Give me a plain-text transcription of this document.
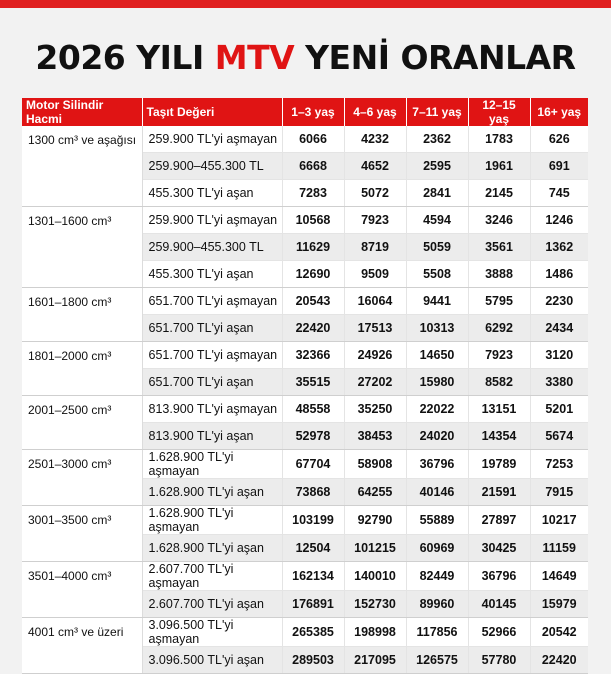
2026 YILI MTV YENİ ORANLAR
Motor Silindir Hacmi	Taşıt Değeri	1–3 yaş	4–6 yaş	7–11 yaş	12–15 yaş	16+ yaş
1300 cm³ ve aşağısı	259.900 TL'yi aşmayan	6066	4232	2362	1783	626
	259.900–455.300 TL	6668	4652	2595	1961	691
	455.300 TL'yi aşan	7283	5072	2841	2145	745
1301–1600 cm³	259.900 TL'yi aşmayan	10568	7923	4594	3246	1246
	259.900–455.300 TL	11629	8719	5059	3561	1362
	455.300 TL'yi aşan	12690	9509	5508	3888	1486
1601–1800 cm³	651.700 TL'yi aşmayan	20543	16064	9441	5795	2230
	651.700 TL'yi aşan	22420	17513	10313	6292	2434
1801–2000 cm³	651.700 TL'yi aşmayan	32366	24926	14650	7923	3120
	651.700 TL'yi aşan	35515	27202	15980	8582	3380
2001–2500 cm³	813.900 TL'yi aşmayan	48558	35250	22022	13151	5201
	813.900 TL'yi aşan	52978	38453	24020	14354	5674
2501–3000 cm³	1.628.900 TL'yi aşmayan	67704	58908	36796	19789	7253
	1.628.900 TL'yi aşan	73868	64255	40146	21591	7915
3001–3500 cm³	1.628.900 TL'yi aşmayan	103199	92790	55889	27897	10217
	1.628.900 TL'yi aşan	12504	101215	60969	30425	11159
3501–4000 cm³	2.607.700 TL'yi aşmayan	162134	140010	82449	36796	14649
	2.607.700 TL'yi aşan	176891	152730	89960	40145	15979
4001 cm³ ve üzeri	3.096.500 TL'yi aşmayan	265385	198998	117856	52966	20542
	3.096.500 TL'yi aşan	289503	217095	126575	57780	22420
